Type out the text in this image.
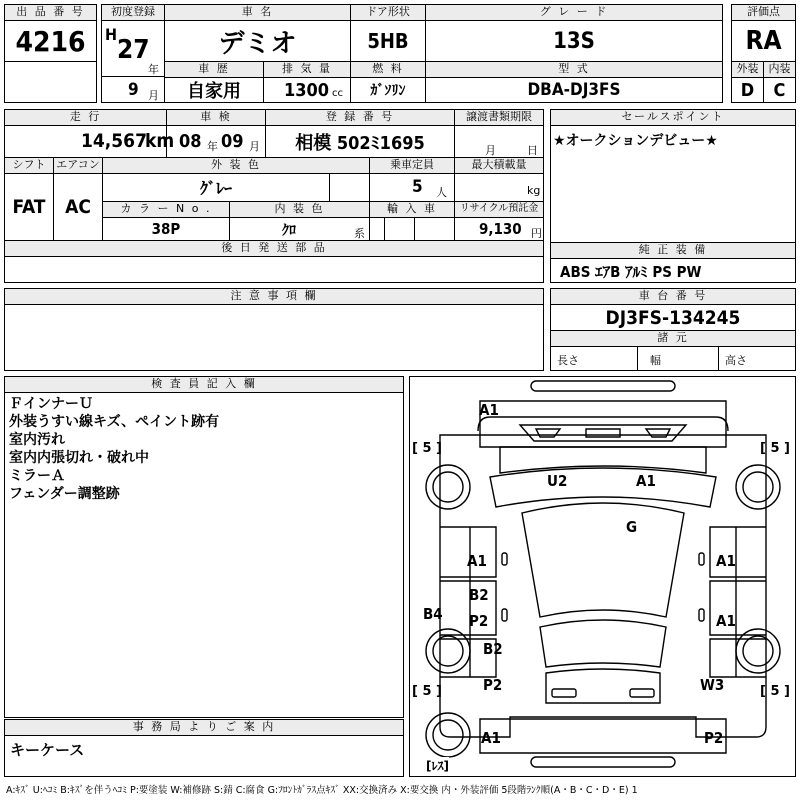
出 品 番 号
4216
初度登録
H
27
年
9 月
車 名
デミオ
ドア形状
5HB
グ レ ー ド
13S
評価点
RA
外装 内装
D	C
車 歴
自家用
排 気 量
1300 cc
燃 料
ｶﾞｿﾘﾝ
型 式
DBA-DJ3FS
走 行
14,567
km
車 検
08 年 09 月
登 録 番 号
相模 502ﾐ1695
譲渡書類期限
月	日
セールスポイント
★オークションデビュー★
シフト
FAT
エアコン
AC
外 装 色
ｸﾞﾚｰ
乗車定員
5 人
最大積載量
kg
カ ラ ー N o .
38P
内 装 色
ｸﾛ	系
輸 入 車	リサイクル預託金
9,130 円
後 日 発 送 部 品	純 正 装 備
ABS ｴｱB ｱﾙﾐ PS PW
注 意 事 項 欄	車 台 番 号
DJ3FS-134245
諸 元
長さ	幅	高さ
検 査 員 記 入 欄
ＦインナーＵ
外装うすい線キズ、ペイント跡有
室内汚れ
室内内張切れ・破れ中
ミラーＡ
フェンダー調整跡
事 務 局 よ り ご 案 内
キーケース
[ 5 ]	[ 5 ]
[ 5 ]	[ 5 ]
[ﾚｽ]
A1
U2	A1
G
A1
B2
P2
B4
B2
P2
A1
A1
W3
A1	P2
A:ｷｽﾞ U:ﾍｺﾐ B:ｷｽﾞを伴うﾍｺﾐ P:要塗装 W:補修跡 S:錆 C:腐食 G:ﾌﾛﾝﾄｶﾞﾗｽ点ｷｽﾞ XX:交換済み X:要交換 内・外装評価 5段階ﾗﾝｸ順(A・B・C・D・E) 1
